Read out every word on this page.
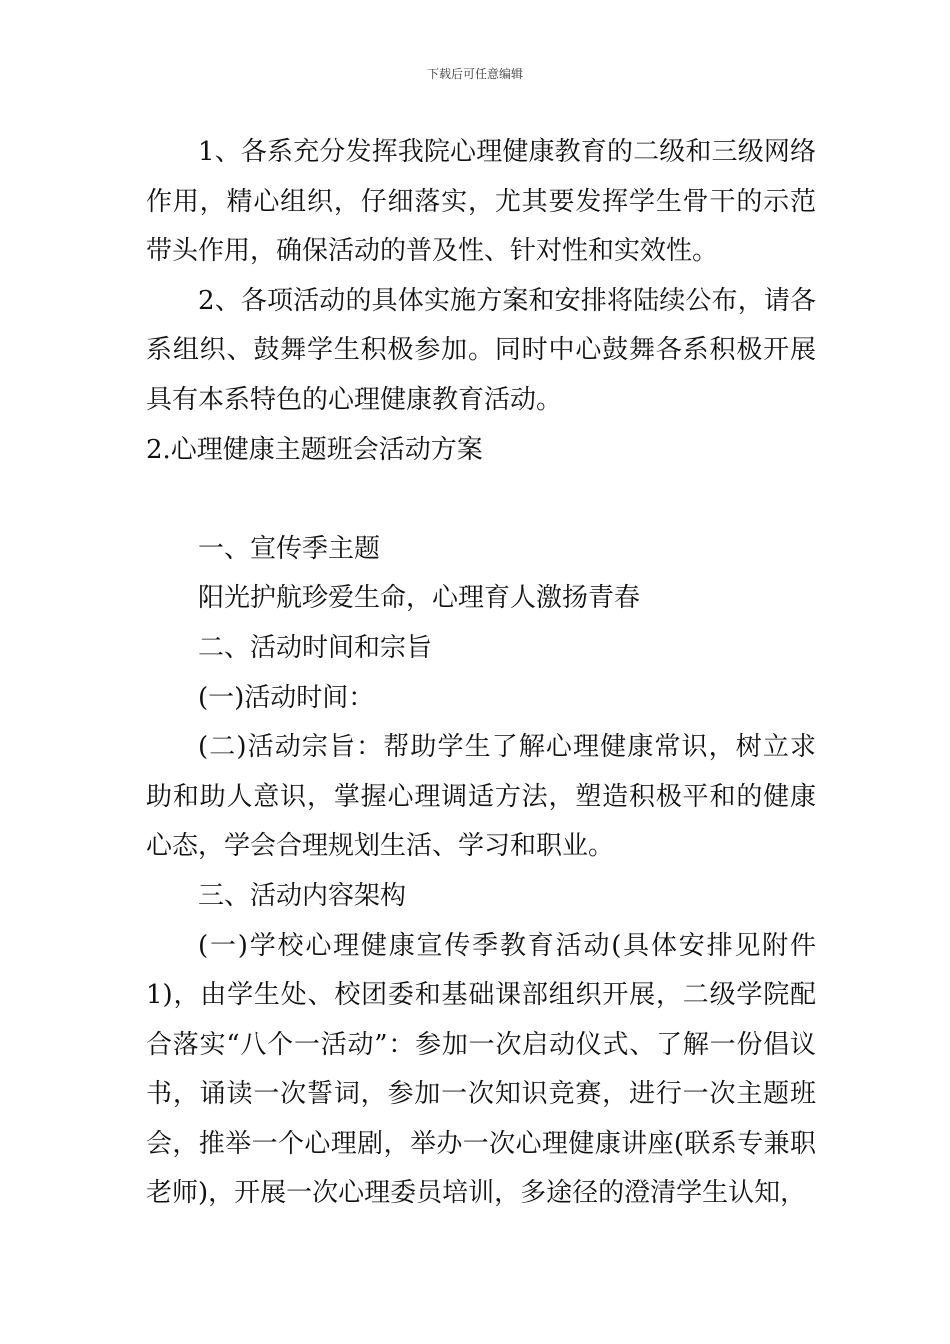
下载后可任意编辑

1、各系充分发挥我院心理健康教育的二级和三级网络作用，精心组织，仔细落实，尤其要发挥学生骨干的示范带头作用，确保活动的普及性、针对性和实效性。

2、各项活动的具体实施方案和安排将陆续公布，请各系组织、鼓舞学生积极参加。同时中心鼓舞各系积极开展具有本系特色的心理健康教育活动。

2.心理健康主题班会活动方案

一、宣传季主题

阳光护航珍爱生命，心理育人激扬青春

二、活动时间和宗旨

(一)活动时间：

(二)活动宗旨：帮助学生了解心理健康常识，树立求助和助人意识，掌握心理调适方法，塑造积极平和的健康心态，学会合理规划生活、学习和职业。

三、活动内容架构

(一)学校心理健康宣传季教育活动(具体安排见附件1)，由学生处、校团委和基础课部组织开展，二级学院配合落实“八个一活动”：参加一次启动仪式、了解一份倡议书，诵读一次誓词，参加一次知识竞赛，进行一次主题班会，推举一个心理剧，举办一次心理健康讲座(联系专兼职老师)，开展一次心理委员培训，多途径的澄清学生认知，
